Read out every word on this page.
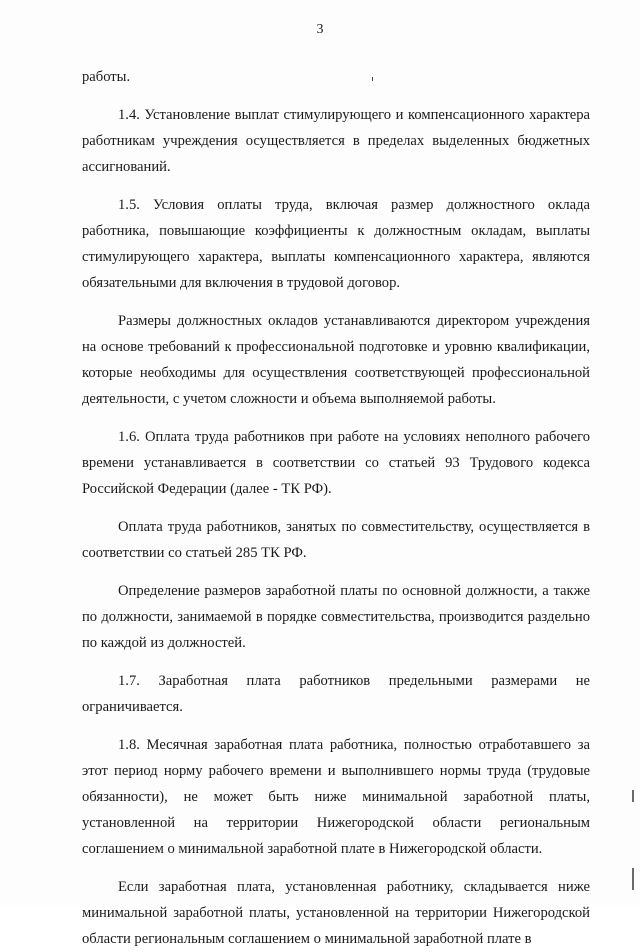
3

работы.

1.4. Установление выплат стимулирующего и компенсационного характера работникам учреждения осуществляется в пределах выделенных бюджетных ассигнований.

1.5. Условия оплаты труда, включая размер должностного оклада работника, повышающие коэффициенты к должностным окладам, выплаты стимулирующего характера, выплаты компенсационного характера, являются обязательными для включения в трудовой договор.

Размеры должностных окладов устанавливаются директором учреждения на основе требований к профессиональной подготовке и уровню квалификации, которые необходимы для осуществления соответствующей профессиональной деятельности, с учетом сложности и объема выполняемой работы.

1.6. Оплата труда работников при работе на условиях неполного рабочего времени устанавливается в соответствии со статьей 93 Трудового кодекса Российской Федерации (далее - ТК РФ).

Оплата труда работников, занятых по совместительству, осуществляется в соответствии со статьей 285 ТК РФ.

Определение размеров заработной платы по основной должности, а также по должности, занимаемой в порядке совместительства, производится раздельно по каждой из должностей.

1.7. Заработная плата работников предельными размерами не ограничивается.

1.8. Месячная заработная плата работника, полностью отработавшего за этот период норму рабочего времени и выполнившего нормы труда (трудовые обязанности), не может быть ниже минимальной заработной платы, установленной на территории Нижегородской области региональным соглашением о минимальной заработной плате в Нижегородской области.

Если заработная плата, установленная работнику, складывается ниже минимальной заработной платы, установленной на территории Нижегородской области региональным соглашением о минимальной заработной плате в
